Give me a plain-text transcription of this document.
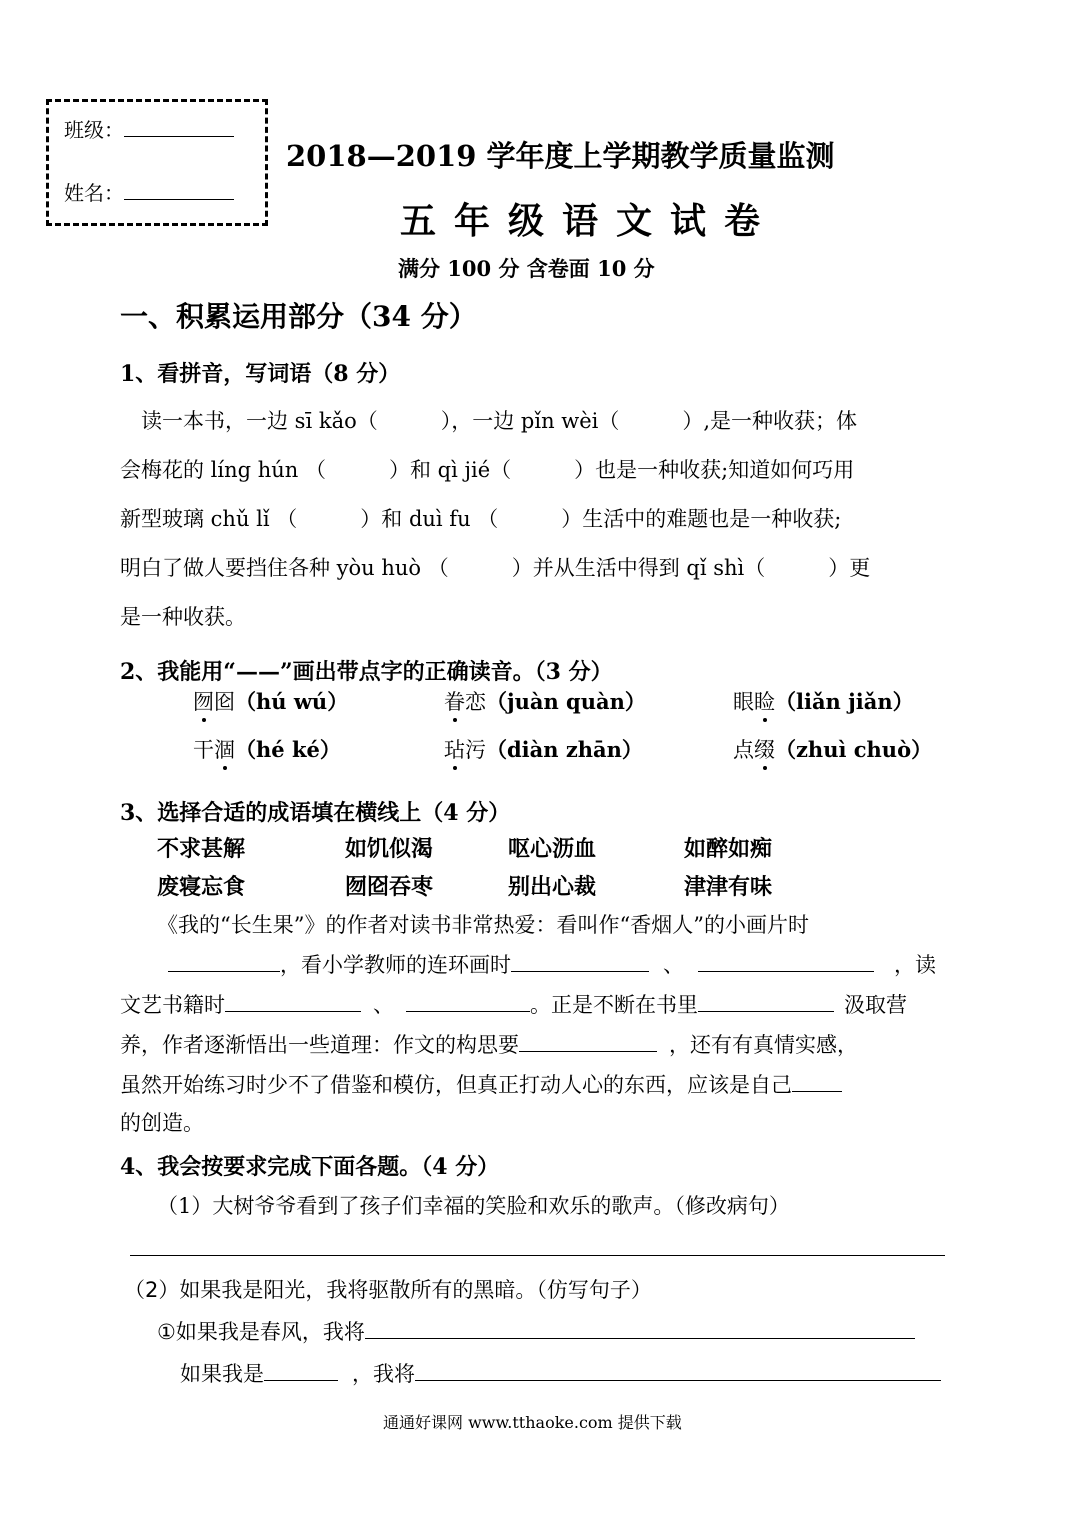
班级：
姓名：
2018—2019 学年度上学期教学质量监测
五年级语文试卷
满分 100 分 含卷面 10 分
一、积累运用部分（34 分）
1、看拼音，写词语（8 分）
　读一本书，一边 sī kǎo（　　　），一边 pǐn wèi（　　　）,是一种收获；体
会梅花的 líng hún （　　　）和 qì jié（　　　）也是一种收获;知道如何巧用
新型玻璃 chǔ lǐ （　　　）和 duì fu （　　　）生活中的难题也是一种收获;
明白了做人要挡住各种 yòu huò （　　　）并从生活中得到 qǐ shì（　　　）更
是一种收获。
2、我能用“——”画出带点字的正确读音。（3 分）
囫囵（hú wú）	眷恋（juàn quàn）	眼睑（liǎn jiǎn）
干涸（hé ké）	玷污（diàn zhān）	点缀（zhuì chuò）
3、选择合适的成语填在横线上（4 分）
不求甚解	如饥似渴	呕心沥血	如醉如痴
废寝忘食	囫囵吞枣	别出心裁	津津有味
《我的“长生果”》的作者对读书非常热爱：看叫作“香烟人”的小画片时
，看小学教师的连环画时	、	，读
文艺书籍时	、	。正是不断在书里	汲取营
养，作者逐渐悟出一些道理：作文的构思要	，还有有真情实感，
虽然开始练习时少不了借鉴和模仿，但真正打动人心的东西，应该是自己
的创造。
4、我会按要求完成下面各题。（4 分）
（1）大树爷爷看到了孩子们幸福的笑脸和欢乐的歌声。（修改病句）
（2）如果我是阳光，我将驱散所有的黑暗。（仿写句子）
①如果我是春风，我将
如果我是	，我将
通通好课网 www.tthaoke.com 提供下载
